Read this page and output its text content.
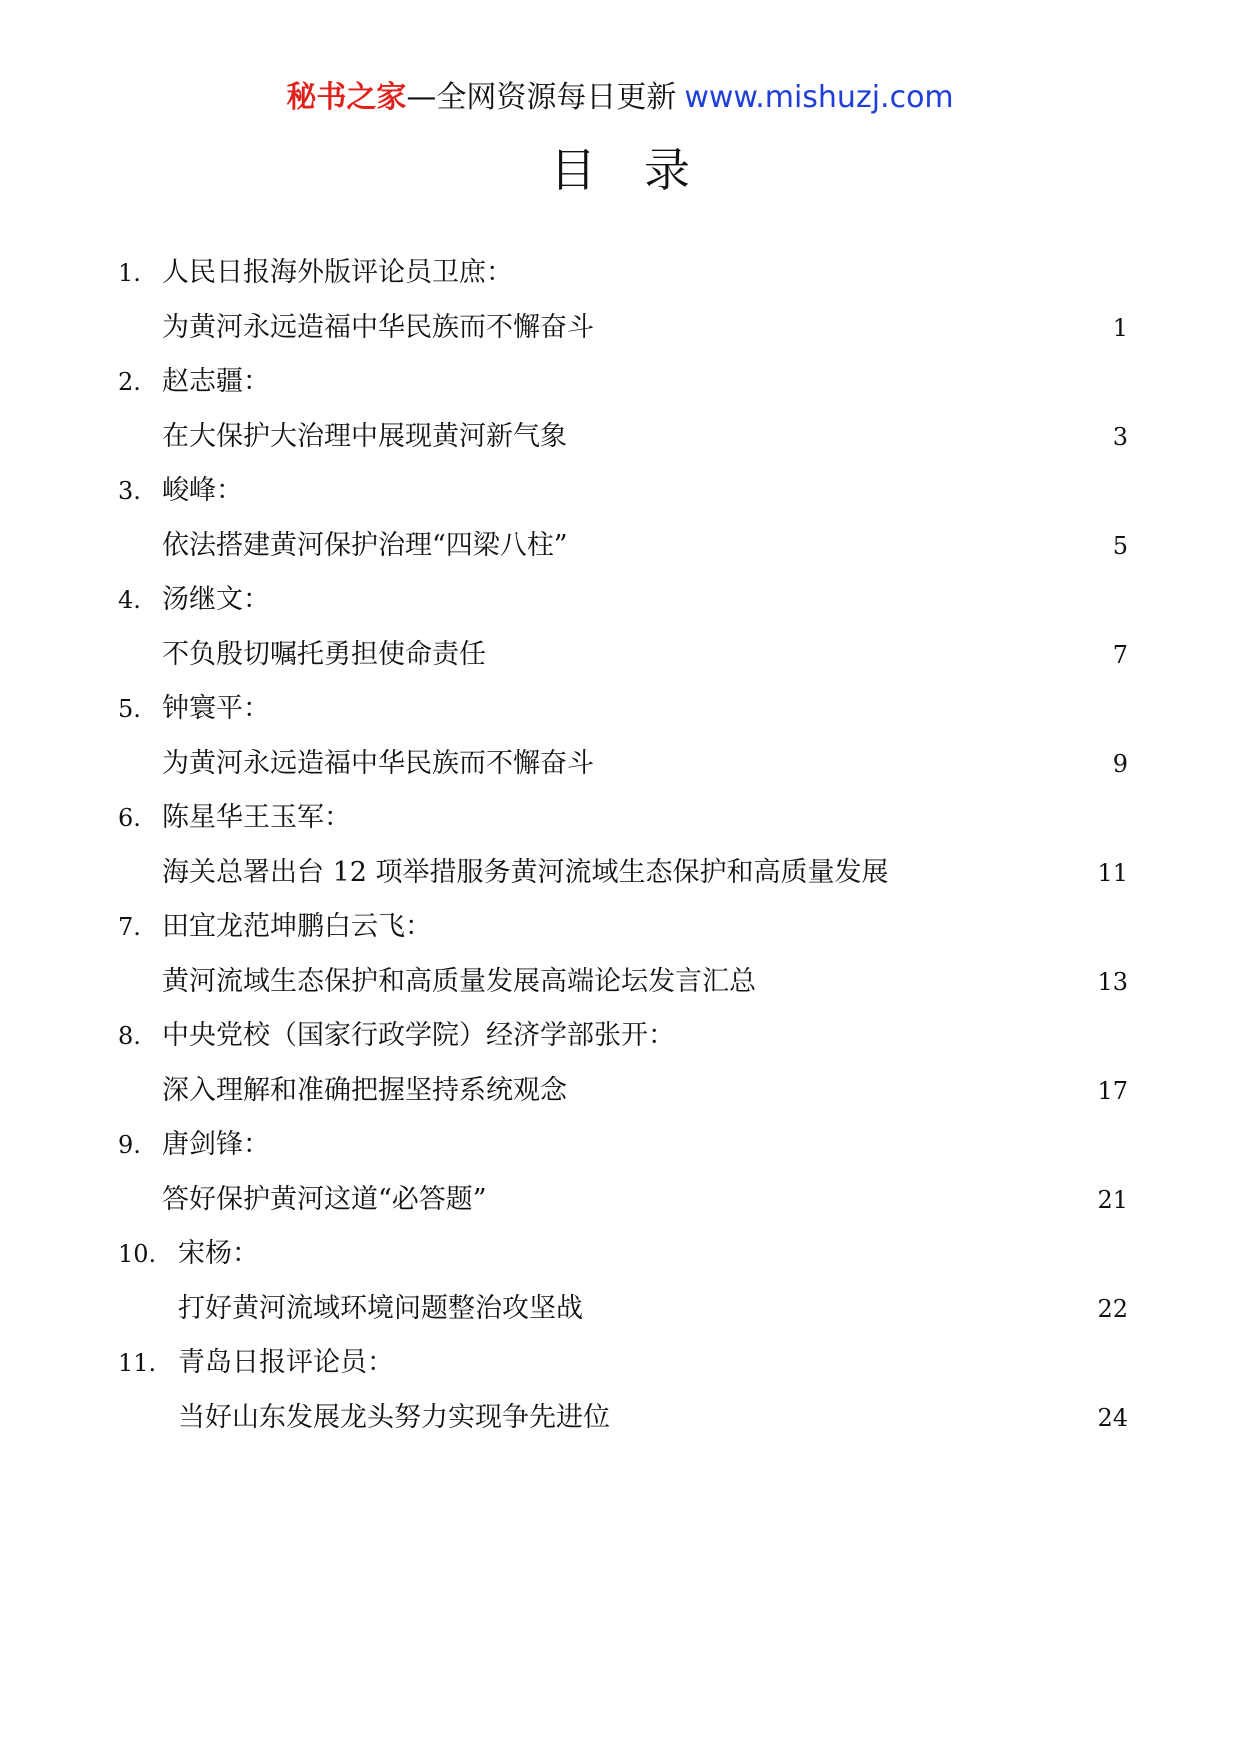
秘书之家—全网资源每日更新 www.mishuzj.com
目 录
1. 人民日报海外版评论员卫庶：
为黄河永远造福中华民族而不懈奋斗	1
2. 赵志疆：
在大保护大治理中展现黄河新气象	3
3. 峻峰：
依法搭建黄河保护治理“四梁八柱”	5
4. 汤继文：
不负殷切嘱托勇担使命责任	7
5. 钟寰平：
为黄河永远造福中华民族而不懈奋斗	9
6. 陈星华王玉军：
海关总署出台 12 项举措服务黄河流域生态保护和高质量发展	11
7. 田宜龙范坤鹏白云飞：
黄河流域生态保护和高质量发展高端论坛发言汇总	13
8. 中央党校（国家行政学院）经济学部张开：
深入理解和准确把握坚持系统观念	17
9. 唐剑锋：
答好保护黄河这道“必答题”	21
10. 宋杨：
打好黄河流域环境问题整治攻坚战	22
11. 青岛日报评论员：
当好山东发展龙头努力实现争先进位	24
